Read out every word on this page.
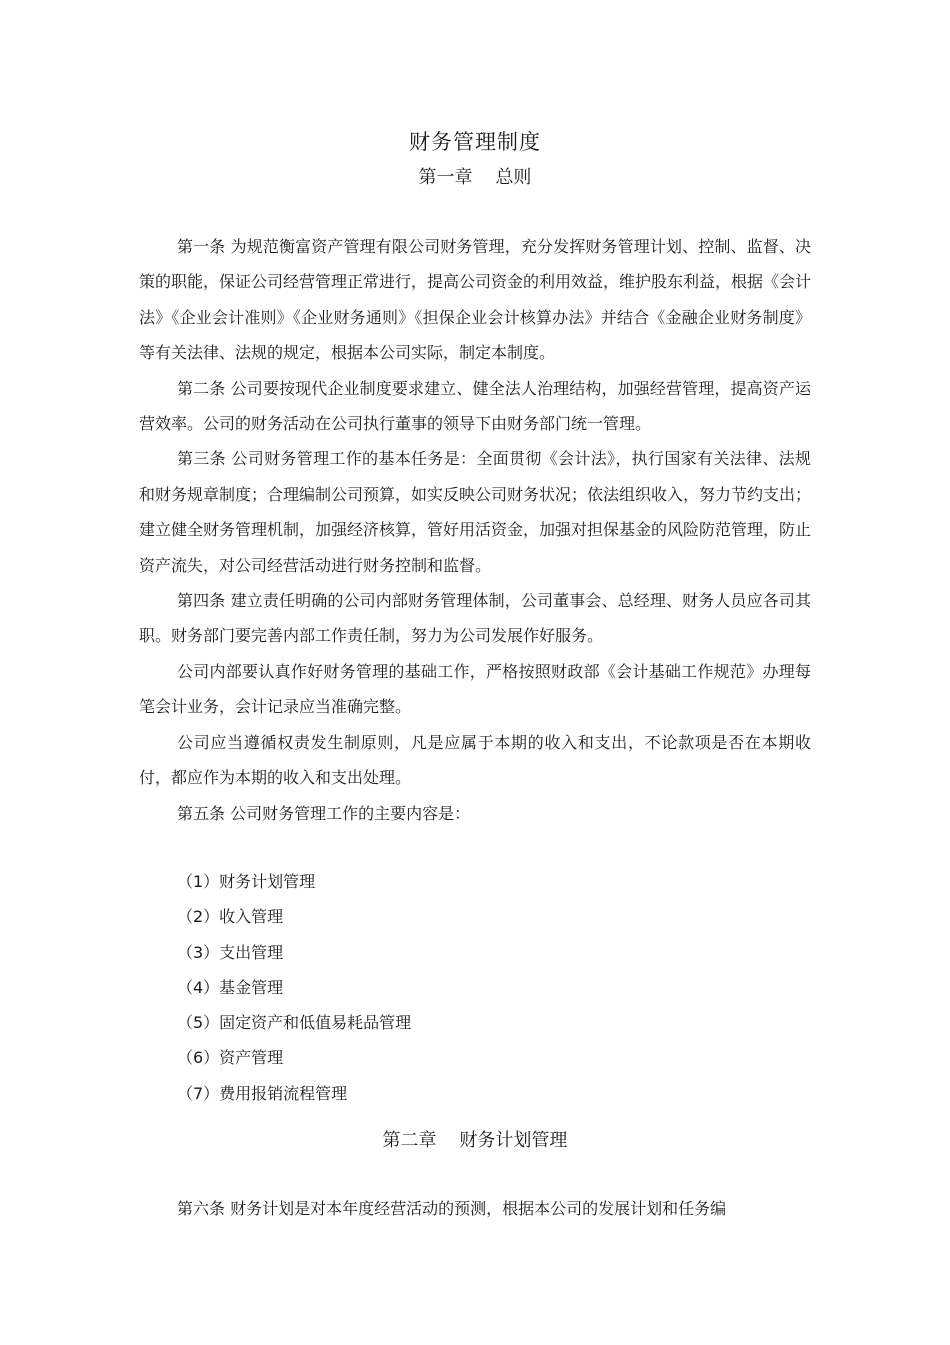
财务管理制度
第一章    总则

第一条 为规范衡富资产管理有限公司财务管理，充分发挥财务管理计划、控制、监督、决策的职能，保证公司经营管理正常进行，提高公司资金的利用效益，维护股东利益，根据《会计法》《企业会计准则》《企业财务通则》《担保企业会计核算办法》并结合《金融企业财务制度》等有关法律、法规的规定，根据本公司实际，制定本制度。

第二条 公司要按现代企业制度要求建立、健全法人治理结构，加强经营管理，提高资产运营效率。公司的财务活动在公司执行董事的领导下由财务部门统一管理。

第三条 公司财务管理工作的基本任务是：全面贯彻《会计法》，执行国家有关法律、法规和财务规章制度；合理编制公司预算，如实反映公司财务状况；依法组织收入，努力节约支出；建立健全财务管理机制，加强经济核算，管好用活资金，加强对担保基金的风险防范管理，防止资产流失，对公司经营活动进行财务控制和监督。

第四条 建立责任明确的公司内部财务管理体制，公司董事会、总经理、财务人员应各司其职。财务部门要完善内部工作责任制，努力为公司发展作好服务。

公司内部要认真作好财务管理的基础工作，严格按照财政部《会计基础工作规范》办理每笔会计业务，会计记录应当准确完整。

公司应当遵循权责发生制原则，凡是应属于本期的收入和支出，不论款项是否在本期收付，都应作为本期的收入和支出处理。

第五条 公司财务管理工作的主要内容是：

（1）财务计划管理
（2）收入管理
（3）支出管理
（4）基金管理
（5）固定资产和低值易耗品管理
（6）资产管理
（7）费用报销流程管理
第二章    财务计划管理

第六条 财务计划是对本年度经营活动的预测，根据本公司的发展计划和任务编
